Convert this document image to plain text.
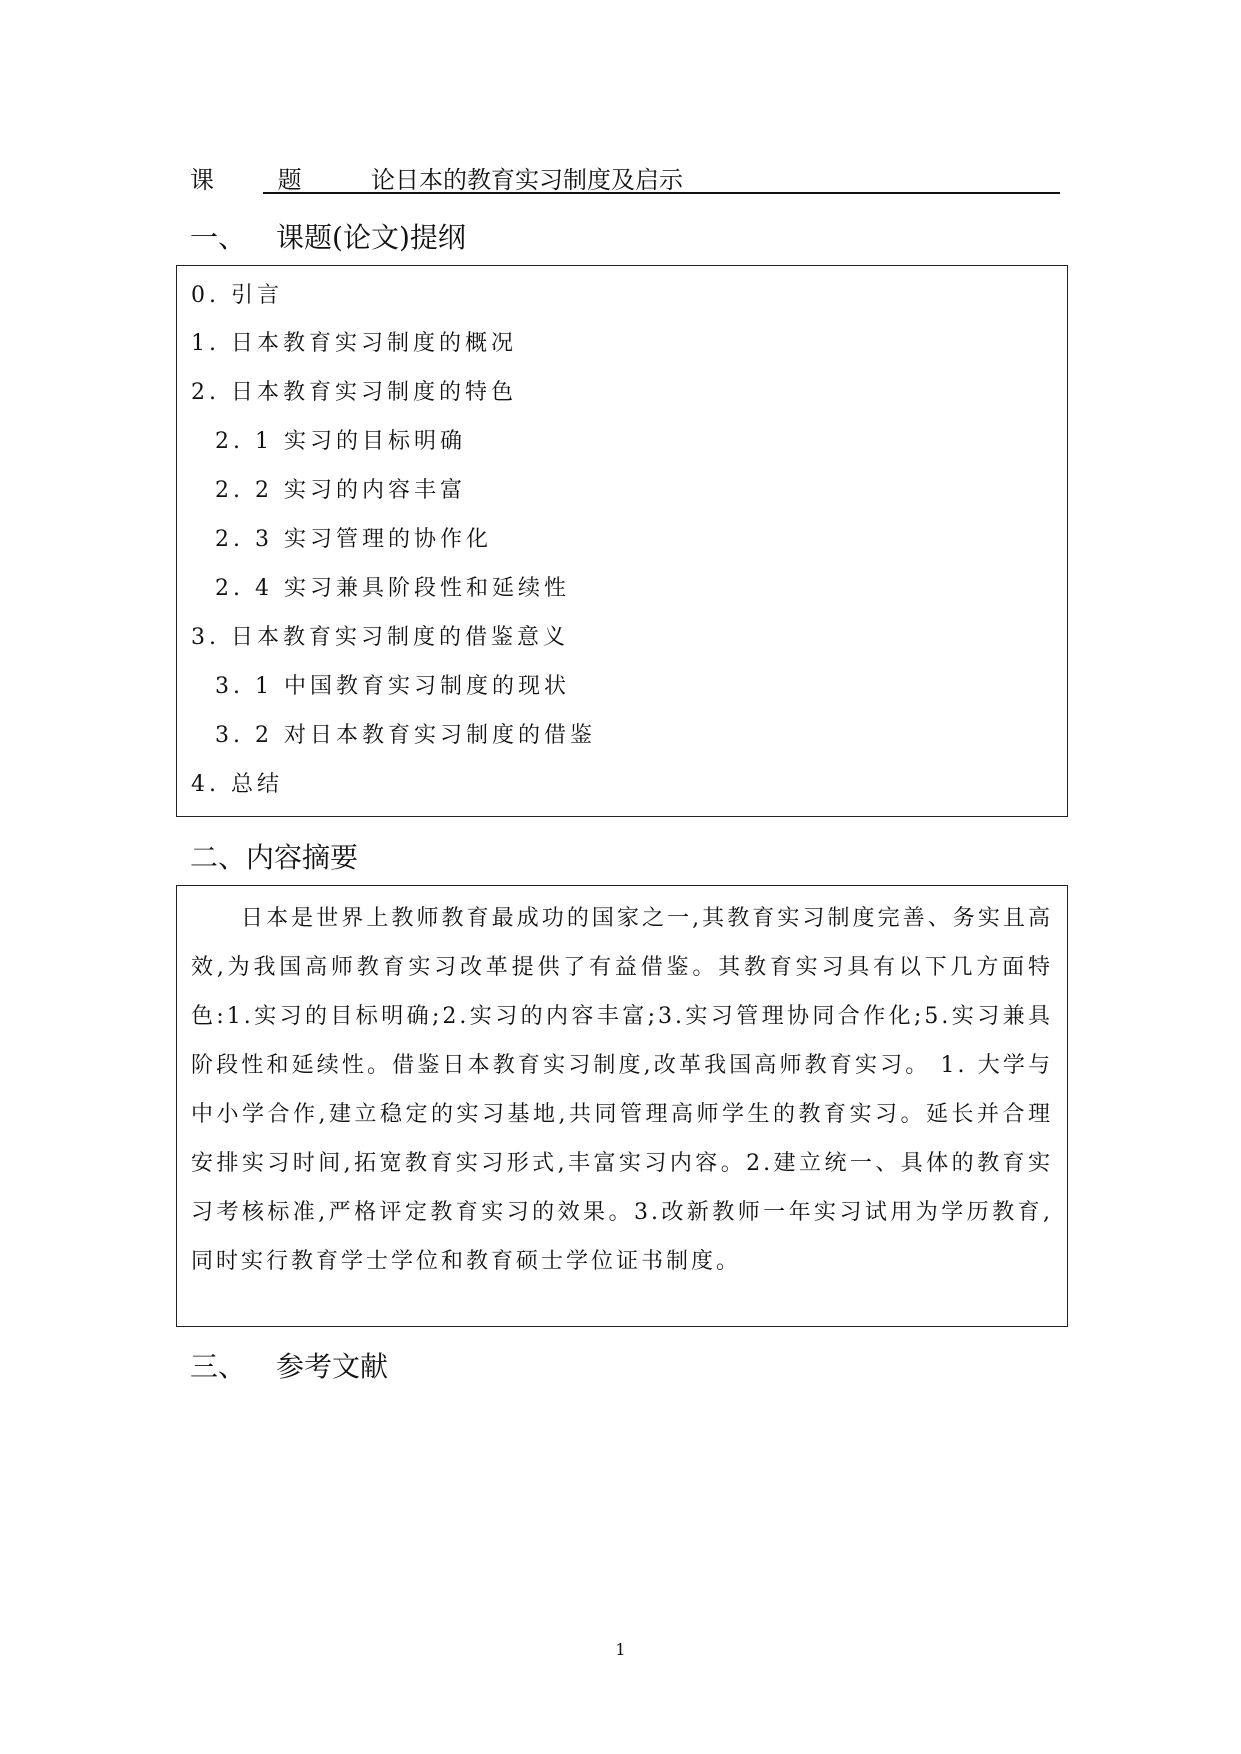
课 题 论日本的教育实习制度及启示
一、 课题(论文)提纲
0. 引言
1. 日本教育实习制度的概况
2. 日本教育实习制度的特色
2. 1 实习的目标明确
2. 2 实习的内容丰富
2. 3 实习管理的协作化
2. 4 实习兼具阶段性和延续性
3. 日本教育实习制度的借鉴意义
3. 1 中国教育实习制度的现状
3. 2 对日本教育实习制度的借鉴
4. 总结
二、内容摘要
日本是世界上教师教育最成功的国家之一,其教育实习制度完善、务实且高效,为我国高师教育实习改革提供了有益借鉴。其教育实习具有以下几方面特色:1.实习的目标明确;2.实习的内容丰富;3.实习管理协同合作化;5.实习兼具阶段性和延续性。借鉴日本教育实习制度,改革我国高师教育实习。 1. 大学与中小学合作,建立稳定的实习基地,共同管理高师学生的教育实习。延长并合理安排实习时间,拓宽教育实习形式,丰富实习内容。2.建立统一、具体的教育实习考核标准,严格评定教育实习的效果。3.改新教师一年实习试用为学历教育,同时实行教育学士学位和教育硕士学位证书制度。
三、 参考文献
1
